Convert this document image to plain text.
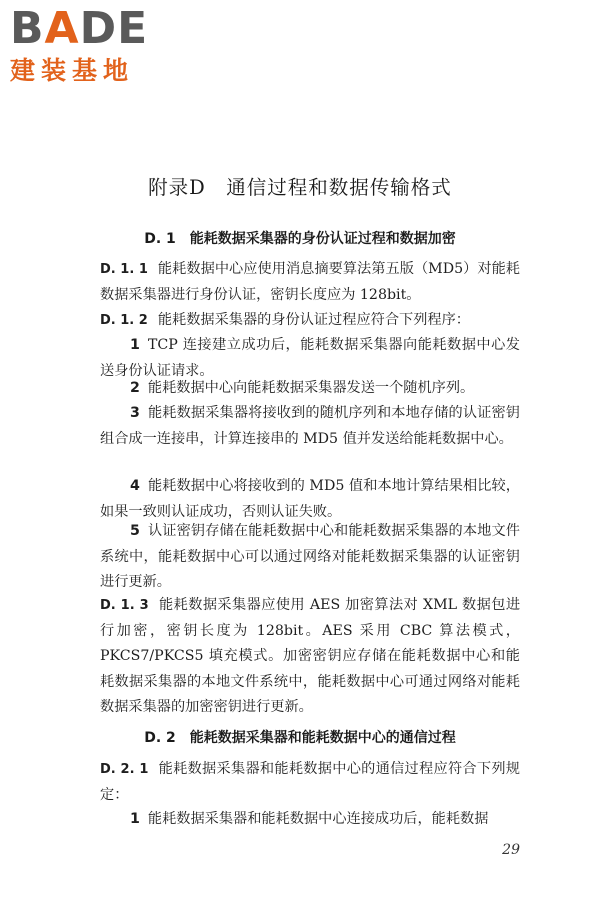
BADE
建装基地
附录D　通信过程和数据传输格式
D. 1 能耗数据采集器的身份认证过程和数据加密
D. 1. 1 能耗数据中心应使用消息摘要算法第五版（MD5）对能耗数据采集器进行身份认证，密钥长度应为 128bit。
D. 1. 2 能耗数据采集器的身份认证过程应符合下列程序：
1 TCP 连接建立成功后，能耗数据采集器向能耗数据中心发送身份认证请求。
2 能耗数据中心向能耗数据采集器发送一个随机序列。
3 能耗数据采集器将接收到的随机序列和本地存储的认证密钥组合成一连接串，计算连接串的 MD5 值并发送给能耗数据中心。
4 能耗数据中心将接收到的 MD5 值和本地计算结果相比较，如果一致则认证成功，否则认证失败。
5 认证密钥存储在能耗数据中心和能耗数据采集器的本地文件系统中，能耗数据中心可以通过网络对能耗数据采集器的认证密钥进行更新。
D. 1. 3 能耗数据采集器应使用 AES 加密算法对 XML 数据包进行加密，密钥长度为 128bit。AES 采用 CBC 算法模式，PKCS7/PKCS5 填充模式。加密密钥应存储在能耗数据中心和能耗数据采集器的本地文件系统中，能耗数据中心可通过网络对能耗数据采集器的加密密钥进行更新。
D. 2 能耗数据采集器和能耗数据中心的通信过程
D. 2. 1 能耗数据采集器和能耗数据中心的通信过程应符合下列规定：
1 能耗数据采集器和能耗数据中心连接成功后，能耗数据
29
